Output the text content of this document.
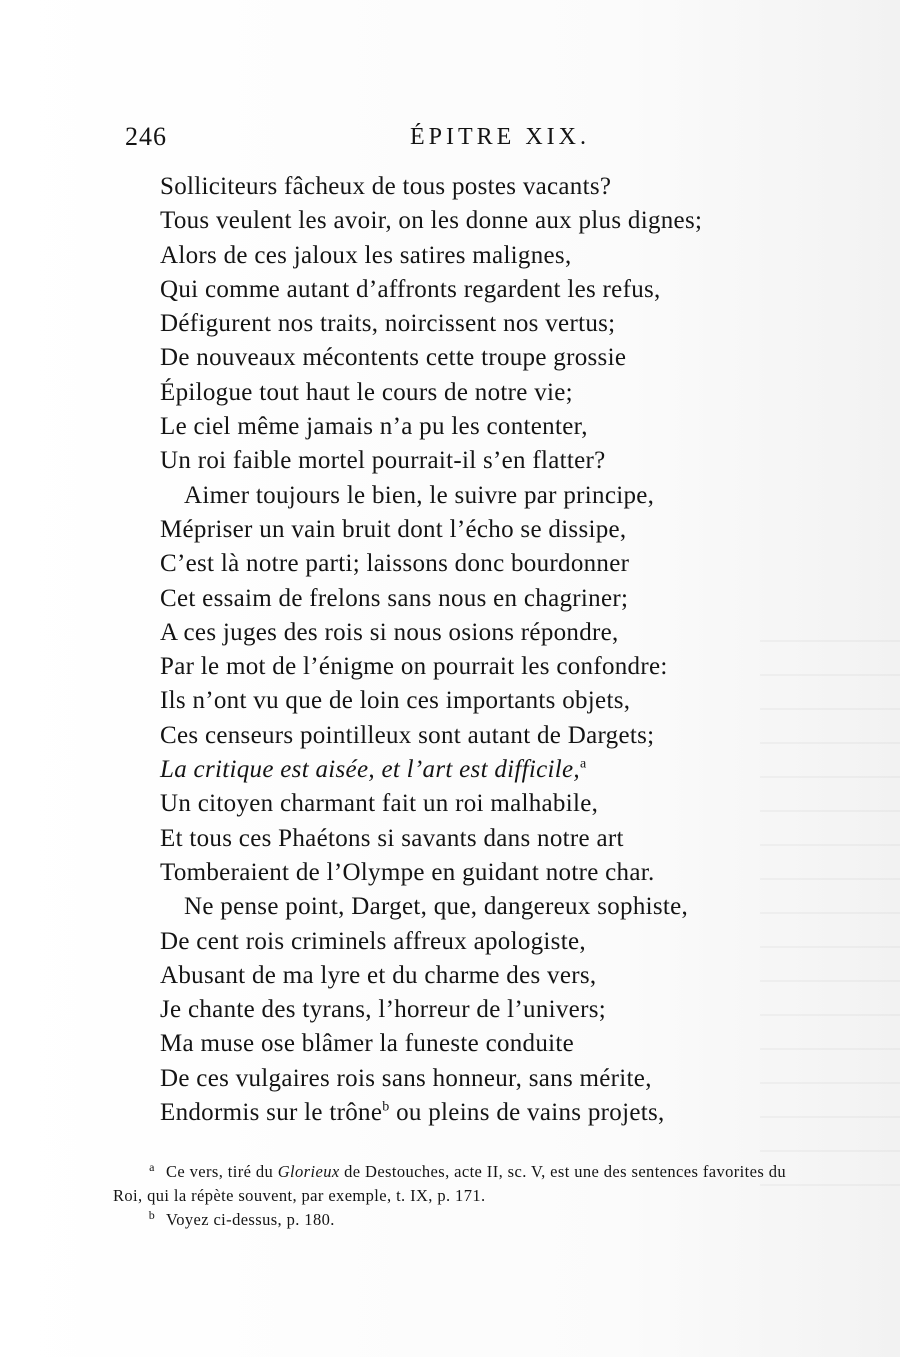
246	ÉPITRE XIX.
Solliciteurs fâcheux de tous postes vacants?
Tous veulent les avoir, on les donne aux plus dignes;
Alors de ces jaloux les satires malignes,
Qui comme autant d’affronts regardent les refus,
Défigurent nos traits, noircissent nos vertus;
De nouveaux mécontents cette troupe grossie
Épilogue tout haut le cours de notre vie;
Le ciel même jamais n’a pu les contenter,
Un roi faible mortel pourrait-il s’en flatter?
Aimer toujours le bien, le suivre par principe,
Mépriser un vain bruit dont l’écho se dissipe,
C’est là notre parti; laissons donc bourdonner
Cet essaim de frelons sans nous en chagriner;
A ces juges des rois si nous osions répondre,
Par le mot de l’énigme on pourrait les confondre:
Ils n’ont vu que de loin ces importants objets,
Ces censeurs pointilleux sont autant de Dargets;
La critique est aisée, et l’art est difficile,$^a$
Un citoyen charmant fait un roi malhabile,
Et tous ces Phaétons si savants dans notre art
Tomberaient de l’Olympe en guidant notre char.
Ne pense point, Darget, que, dangereux sophiste,
De cent rois criminels affreux apologiste,
Abusant de ma lyre et du charme des vers,
Je chante des tyrans, l’horreur de l’univers;
Ma muse ose blâmer la funeste conduite
De ces vulgaires rois sans honneur, sans mérite,
Endormis sur le trône$^b$ ou pleins de vains projets,

a Ce vers, tiré du Glorieux de Destouches, acte II, sc. V, est une des sentences favorites du
Roi, qui la répète souvent, par exemple, t. IX, p. 171.

b Voyez ci-dessus, p. 180.
